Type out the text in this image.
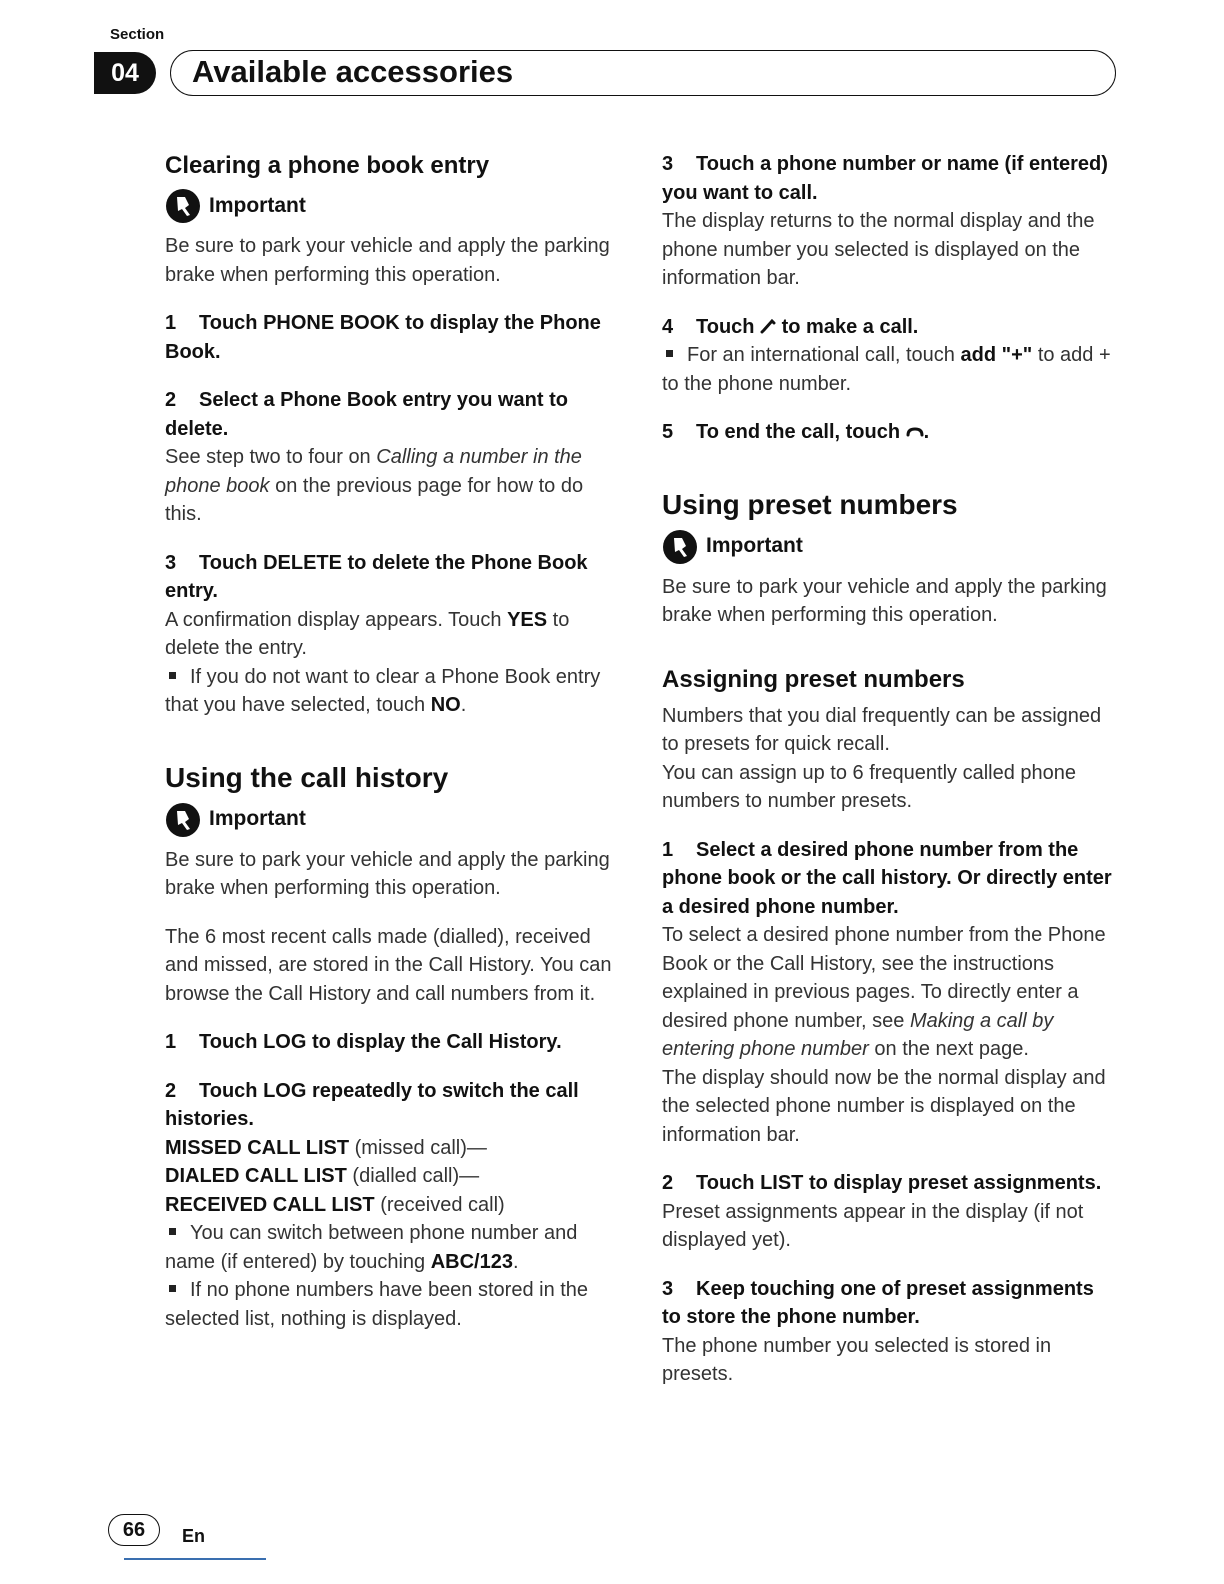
Section
04	Available accessories
Clearing a phone book entry
Important

Be sure to park your vehicle and apply the parking brake when performing this operation.

1 Touch PHONE BOOK to display the Phone Book.

2 Select a Phone Book entry you want to delete.

See step two to four on Calling a number in the phone book on the previous page for how to do this.

3 Touch DELETE to delete the Phone Book entry.

A confirmation display appears. Touch YES to delete the entry.

If you do not want to clear a Phone Book entry that you have selected, touch NO.

Using the call history
Important

Be sure to park your vehicle and apply the parking brake when performing this operation.

The 6 most recent calls made (dialled), received and missed, are stored in the Call History. You can browse the Call History and call numbers from it.

1 Touch LOG to display the Call History.

2 Touch LOG repeatedly to switch the call histories.

MISSED CALL LIST (missed call)—

DIALED CALL LIST (dialled call)—

RECEIVED CALL LIST (received call)

You can switch between phone number and name (if entered) by touching ABC/123.

If no phone numbers have been stored in the selected list, nothing is displayed.

3 Touch a phone number or name (if entered) you want to call.

The display returns to the normal display and the phone number you selected is displayed on the information bar.

4 Touch  to make a call.

For an international call, touch add "+" to add + to the phone number.

5 To end the call, touch .

Using preset numbers
Important

Be sure to park your vehicle and apply the parking brake when performing this operation.

Assigning preset numbers

Numbers that you dial frequently can be assigned to presets for quick recall.

You can assign up to 6 frequently called phone numbers to number presets.

1 Select a desired phone number from the phone book or the call history. Or directly enter a desired phone number.

To select a desired phone number from the Phone Book or the Call History, see the instructions explained in previous pages. To directly enter a desired phone number, see Making a call by entering phone number on the next page.

The display should now be the normal display and the selected phone number is displayed on the information bar.

2 Touch LIST to display preset assignments.

Preset assignments appear in the display (if not displayed yet).

3 Keep touching one of preset assignments to store the phone number.

The phone number you selected is stored in presets.

66	En
